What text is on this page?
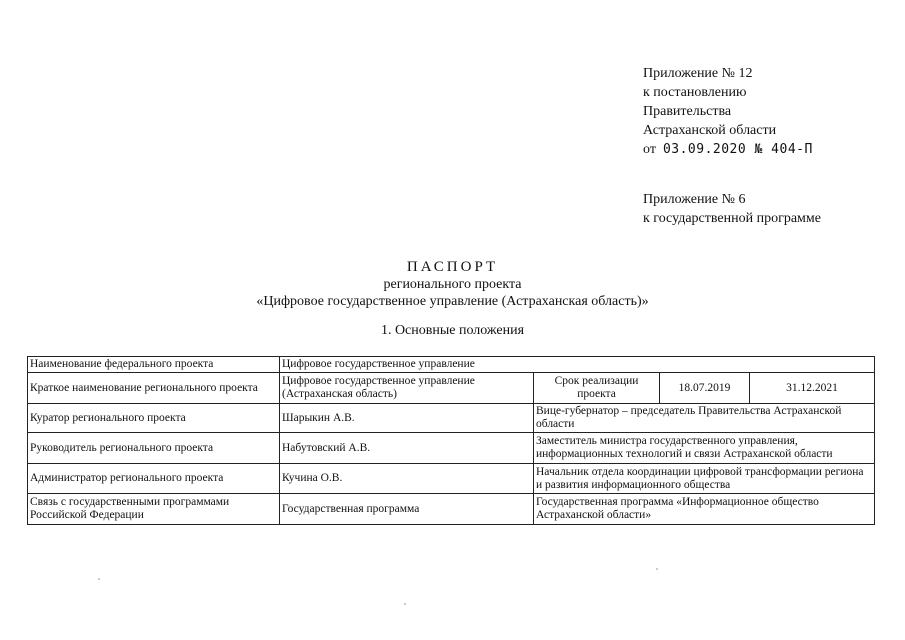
Приложение № 12
к постановлению
Правительства
Астраханской области
от 03.09.2020 № 404-П
Приложение № 6
к государственной программе
ПАСПОРТ
регионального проекта
«Цифровое государственное управление (Астраханская область)»
1. Основные положения
Наименование федерального проекта	Цифровое государственное управление			
Краткое наименование регионального проекта	Цифровое государственное управление (Астраханская область)	Срок реализации проекта	18.07.2019	31.12.2021
Куратор регионального проекта	Шарыкин А.В.	Вице-губернатор – председатель Правительства Астраханской области		
Руководитель регионального проекта	Набутовский А.В.	Заместитель министра государственного управления, информационных технологий и связи Астраханской области		
Администратор регионального проекта	Кучина О.В.	Начальник отдела координации цифровой трансформации региона и развития информационного общества		
Связь с государственными программами Российской Федерации	Государственная программа	Государственная программа «Информационное общество Астраханской области»		
